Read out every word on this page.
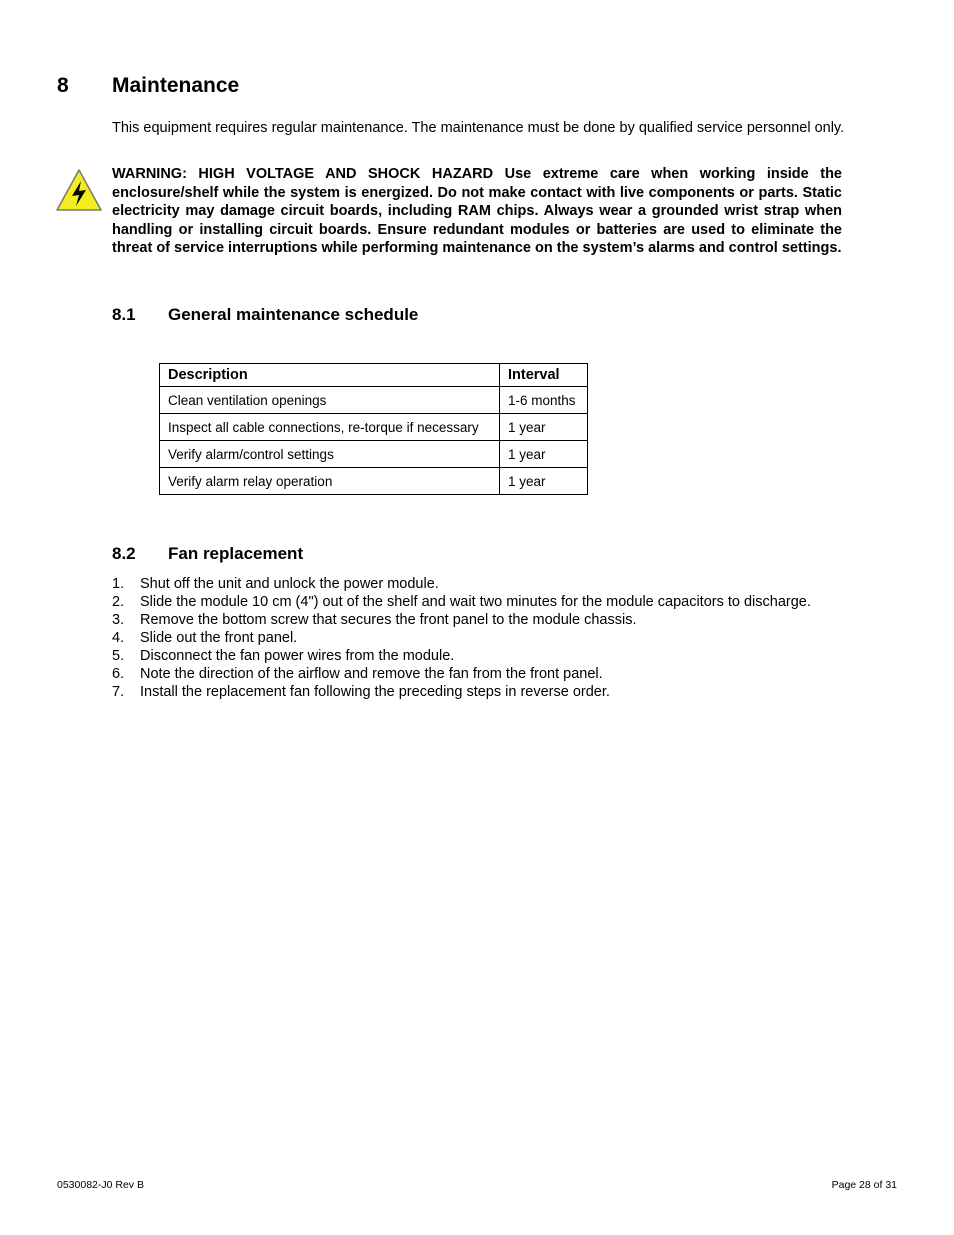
8 Maintenance
This equipment requires regular maintenance. The maintenance must be done by qualified service personnel only.
WARNING: HIGH VOLTAGE AND SHOCK HAZARD Use extreme care when working inside the enclosure/shelf while the system is energized. Do not make contact with live components or parts. Static electricity may damage circuit boards, including RAM chips. Always wear a grounded wrist strap when handling or installing circuit boards. Ensure redundant modules or batteries are used to eliminate the threat of service interruptions while performing maintenance on the system’s alarms and control settings.
8.1 General maintenance schedule
Description	Interval
Clean ventilation openings	1-6 months
Inspect all cable connections, re-torque if necessary	1 year
Verify alarm/control settings	1 year
Verify alarm relay operation	1 year
8.2 Fan replacement
1. Shut off the unit and unlock the power module.
2. Slide the module 10 cm (4") out of the shelf and wait two minutes for the module capacitors to discharge.
3. Remove the bottom screw that secures the front panel to the module chassis.
4. Slide out the front panel.
5. Disconnect the fan power wires from the module.
6. Note the direction of the airflow and remove the fan from the front panel.
7. Install the replacement fan following the preceding steps in reverse order.
0530082-J0 Rev B	Page 28 of 31
